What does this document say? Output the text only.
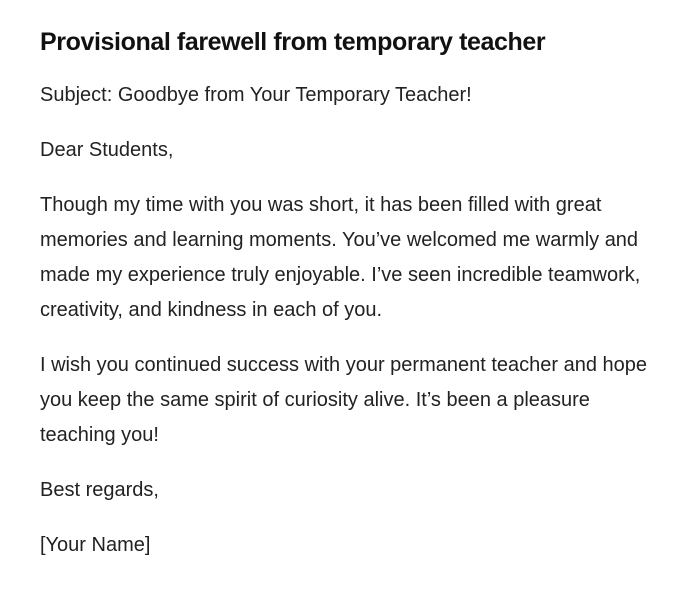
Provisional farewell from temporary teacher

Subject: Goodbye from Your Temporary Teacher!

Dear Students,

Though my time with you was short, it has been filled with great memories and learning moments. You’ve welcomed me warmly and made my experience truly enjoyable. I’ve seen incredible teamwork, creativity, and kindness in each of you.

I wish you continued success with your permanent teacher and hope you keep the same spirit of curiosity alive. It’s been a pleasure teaching you!

Best regards,

[Your Name]
